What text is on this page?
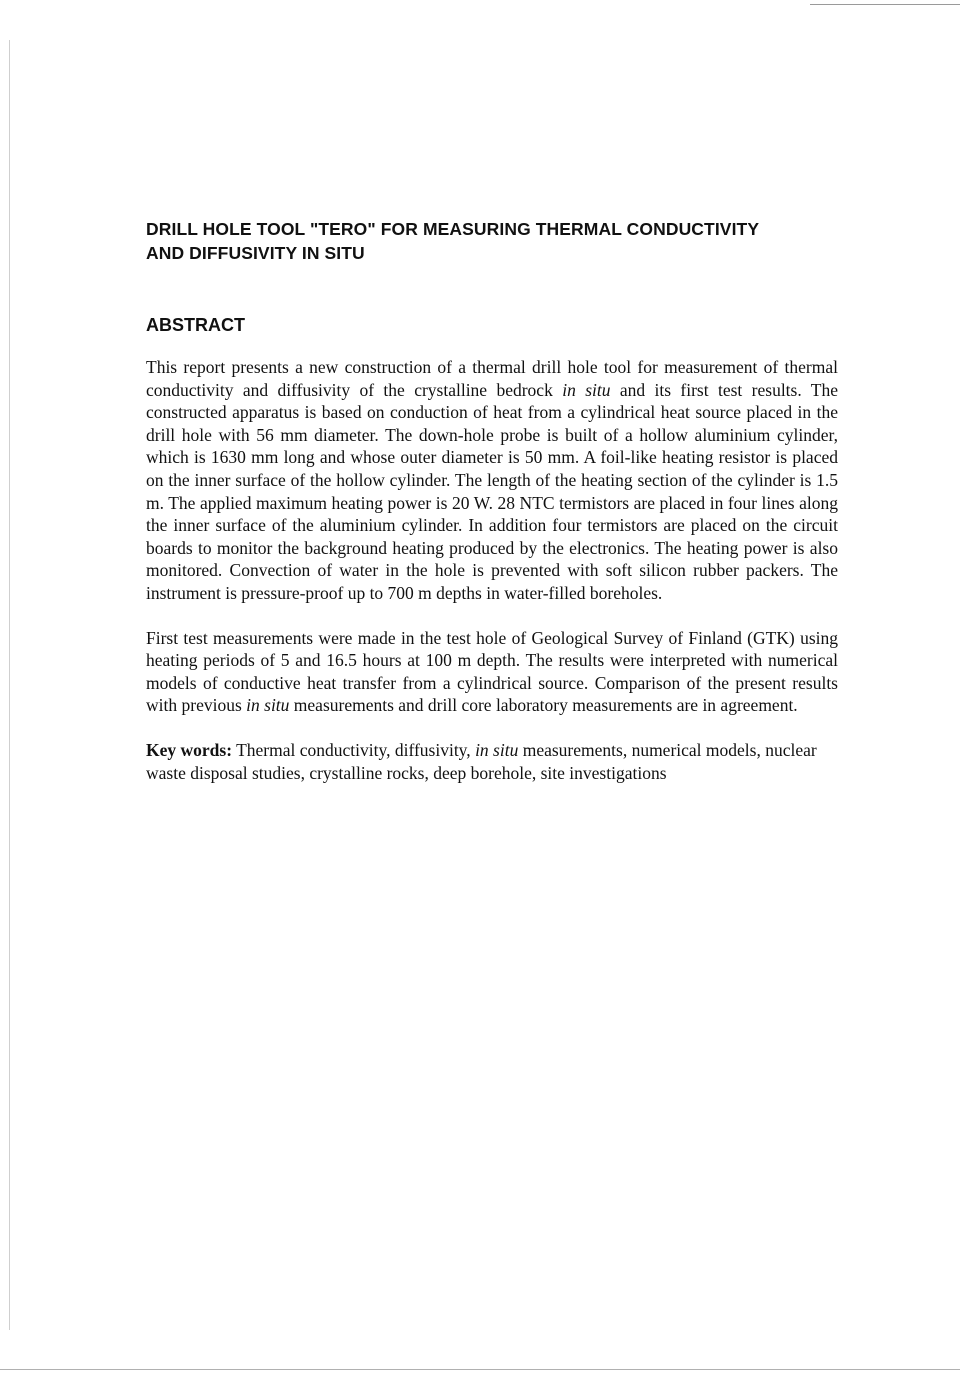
DRILL HOLE TOOL "TERO" FOR MEASURING THERMAL CONDUCTIVITY
AND DIFFUSIVITY IN SITU
ABSTRACT

This report presents a new construction of a thermal drill hole tool for measurement of thermal conductivity and diffusivity of the crystalline bedrock in situ and its first test results. The constructed apparatus is based on conduction of heat from a cylindrical heat source placed in the drill hole with 56 mm diameter. The down-hole probe is built of a hollow aluminium cylinder, which is 1630 mm long and whose outer diameter is 50 mm. A foil-like heating resistor is placed on the inner surface of the hollow cylinder. The length of the heating section of the cylinder is 1.5 m. The applied maximum heating power is 20 W. 28 NTC termistors are placed in four lines along the inner surface of the aluminium cylinder. In addition four termistors are placed on the circuit boards to monitor the background heating produced by the electronics. The heating power is also monitored. Convection of water in the hole is prevented with soft silicon rubber packers. The instrument is pressure-proof up to 700 m depths in water-filled boreholes.

First test measurements were made in the test hole of Geological Survey of Finland (GTK) using heating periods of 5 and 16.5 hours at 100 m depth. The results were interpreted with numerical models of conductive heat transfer from a cylindrical source. Comparison of the present results with previous in situ measurements and drill core laboratory measurements are in agreement.

Key words: Thermal conductivity, diffusivity, in situ measurements, numerical models, nuclear waste disposal studies, crystalline rocks, deep borehole, site investigations
